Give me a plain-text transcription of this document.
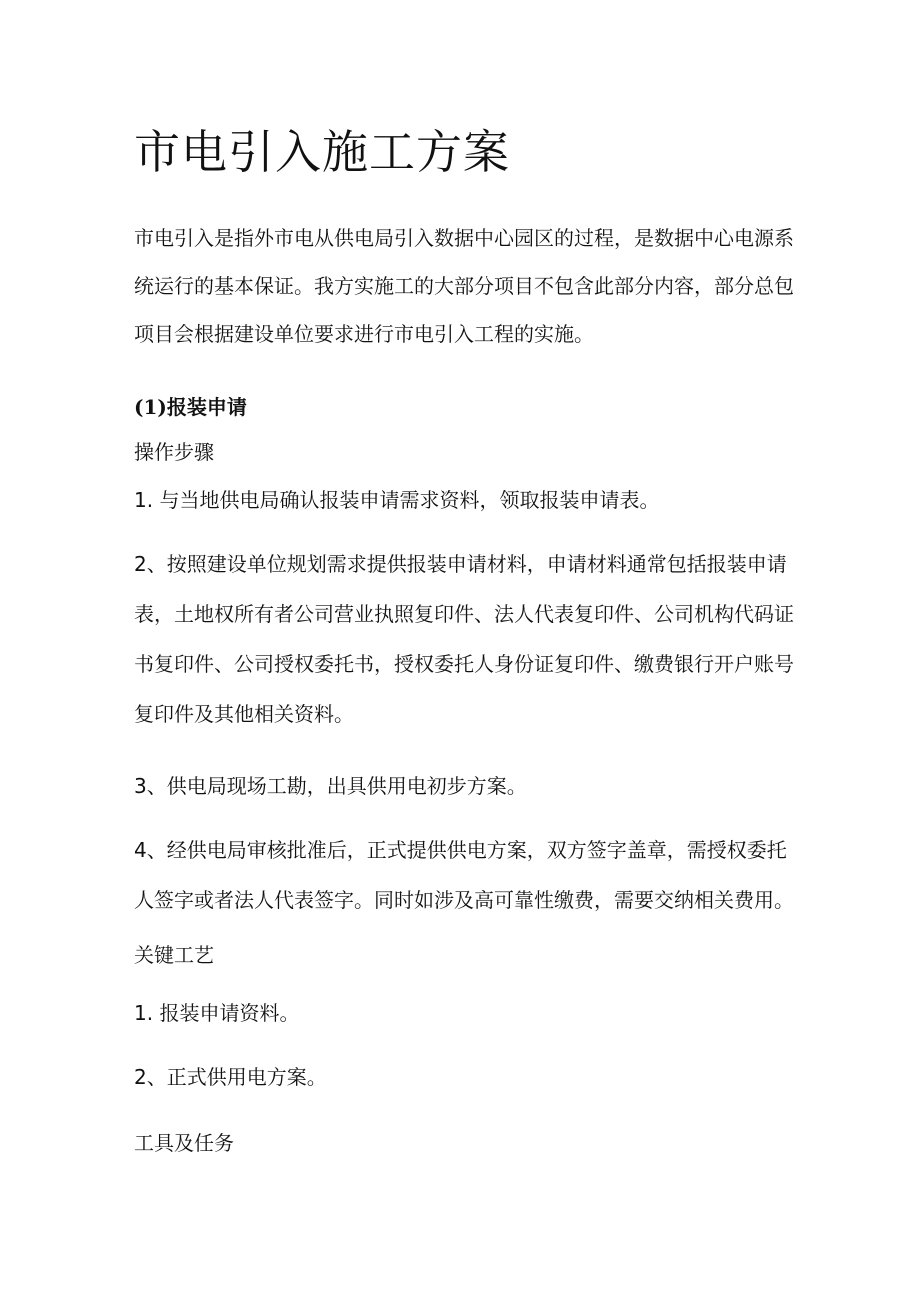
市电引入施工方案

市电引入是指外市电从供电局引入数据中心园区的过程，是数据中心电源系统运行的基本保证。我方实施工的大部分项目不包含此部分内容，部分总包项目会根据建设单位要求进行市电引入工程的实施。

(1)报装申请

操作步骤

1. 与当地供电局确认报装申请需求资料，领取报装申请表。

2、按照建设单位规划需求提供报装申请材料，申请材料通常包括报装申请表，土地权所有者公司营业执照复印件、法人代表复印件、公司机构代码证书复印件、公司授权委托书，授权委托人身份证复印件、缴费银行开户账号复印件及其他相关资料。

3、供电局现场工勘，出具供用电初步方案。

4、经供电局审核批准后，正式提供供电方案，双方签字盖章，需授权委托人签字或者法人代表签字。同时如涉及高可靠性缴费，需要交纳相关费用。

关键工艺

1. 报装申请资料。

2、正式供用电方案。

工具及任务
